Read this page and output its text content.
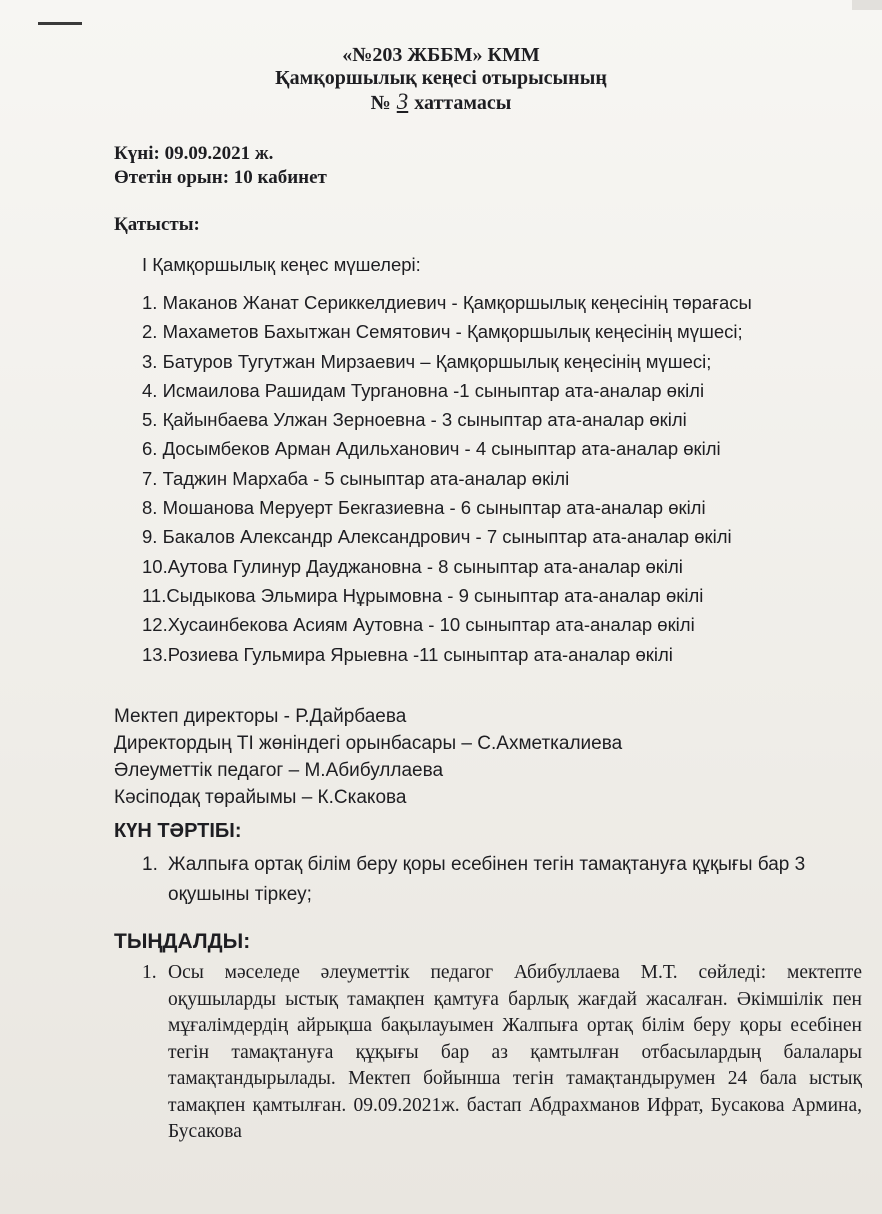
«№203 ЖББМ» КММ
Қамқоршылық кеңесі отырысының
№ 3 хаттамасы
Күні: 09.09.2021 ж.
Өтетін орын: 10 кабинет
Қатысты:
І Қамқоршылық кеңес мүшелері:
1. Маканов Жанат Сериккелдиевич - Қамқоршылық кеңесінің төрағасы
2. Махаметов Бахытжан Семятович - Қамқоршылық кеңесінің мүшесі;
3. Батуров Тугутжан Мирзаевич – Қамқоршылық кеңесінің мүшесі;
4. Исмаилова Рашидам Тургановна -1 сыныптар ата-аналар өкілі
5. Қайынбаева Улжан Зерноевна - 3 сыныптар ата-аналар өкілі
6. Досымбеков Арман Адильханович - 4 сыныптар ата-аналар өкілі
7. Таджин Мархаба - 5 сыныптар ата-аналар өкілі
8. Мошанова Меруерт Бекгазиевна - 6 сыныптар ата-аналар өкілі
9. Бакалов Александр Александрович - 7 сыныптар ата-аналар өкілі
10.Аутова Гулинур Дауджановна - 8 сыныптар ата-аналар өкілі
11.Сыдыкова Эльмира Нұрымовна - 9 сыныптар ата-аналар өкілі
12.Хусаинбекова Асиям Аутовна - 10 сыныптар ата-аналар өкілі
13.Розиева Гульмира Ярыевна -11 сыныптар ата-аналар өкілі
Мектеп директоры - Р.Дайрбаева
Директордың ТІ жөніндегі орынбасары – С.Ахметкалиева
Әлеуметтік педагог – М.Абибуллаева
Кәсіподақ төрайымы – К.Скакова
КҮН ТӘРТІБІ:
1. Жалпыға ортақ білім беру қоры есебінен тегін тамақтануға құқығы бар 3 оқушыны тіркеу;
ТЫҢДАЛДЫ:
1. Осы мәселеде әлеуметтік педагог Абибуллаева М.Т. сөйледі: мектепте оқушыларды ыстық тамақпен қамтуға барлық жағдай жасалған. Әкімшілік пен мұғалімдердің айрықша бақылауымен Жалпыға ортақ білім беру қоры есебінен тегін тамақтануға құқығы бар аз қамтылған отбасылардың балалары тамақтандырылады. Мектеп бойынша тегін тамақтандырумен 24 бала ыстық тамақпен қамтылған. 09.09.2021ж. бастап Абдрахманов Ифрат, Бусакова Армина, Бусакова
